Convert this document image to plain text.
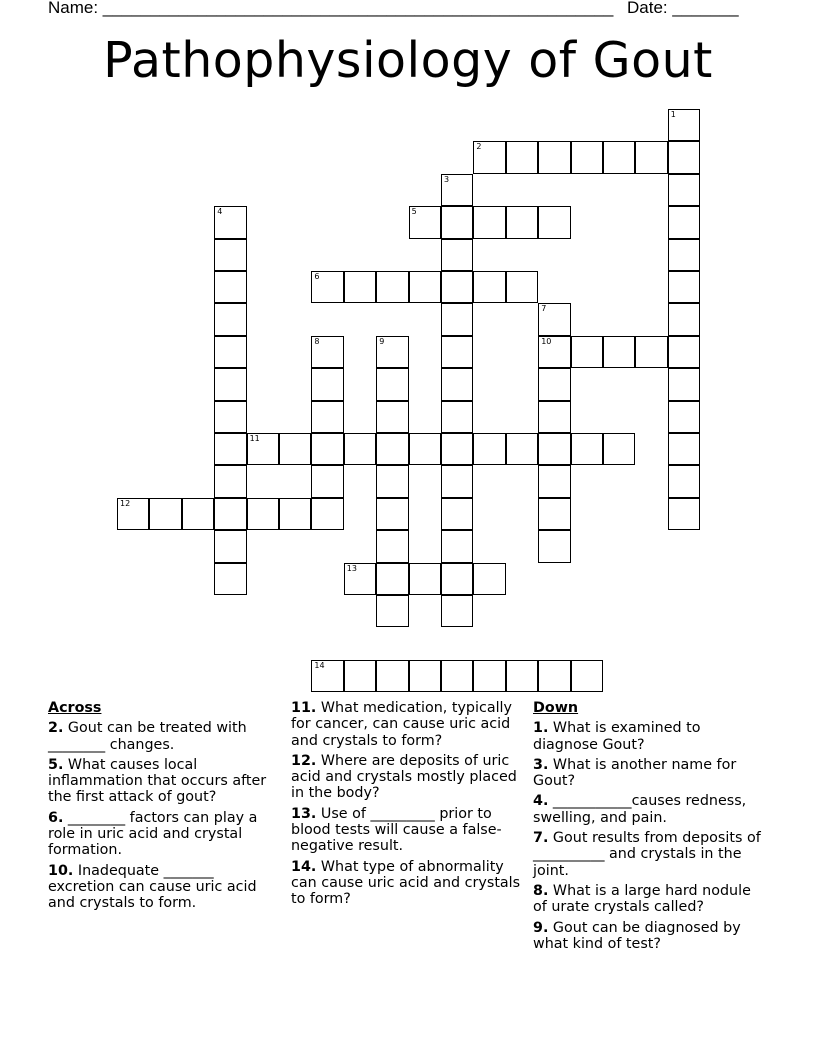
Name: ______________________________________________________ Date: _______
Pathophysiology of Gout
1
2
3
4	5
6
7
10
8	9
11
12
13
14
Across
2. Gout can be treated with ________ changes.
5. What causes local inflammation that occurs after the first attack of gout?
6. ________ factors can play a role in uric acid and crystal formation.
10. Inadequate _______ excretion can cause uric acid and crystals to form.
11. What medication, typically for cancer, can cause uric acid and crystals to form?
12. Where are deposits of uric acid and crystals mostly placed in the body?
13. Use of _________ prior to blood tests will cause a false-negative result.
14. What type of abnormality can cause uric acid and crystals to form?
Down
1. What is examined to diagnose Gout?
3. What is another name for Gout?
4. ___________causes redness, swelling, and pain.
7. Gout results from deposits of __________ and crystals in the joint.
8. What is a large hard nodule of urate crystals called?
9. Gout can be diagnosed by what kind of test?
